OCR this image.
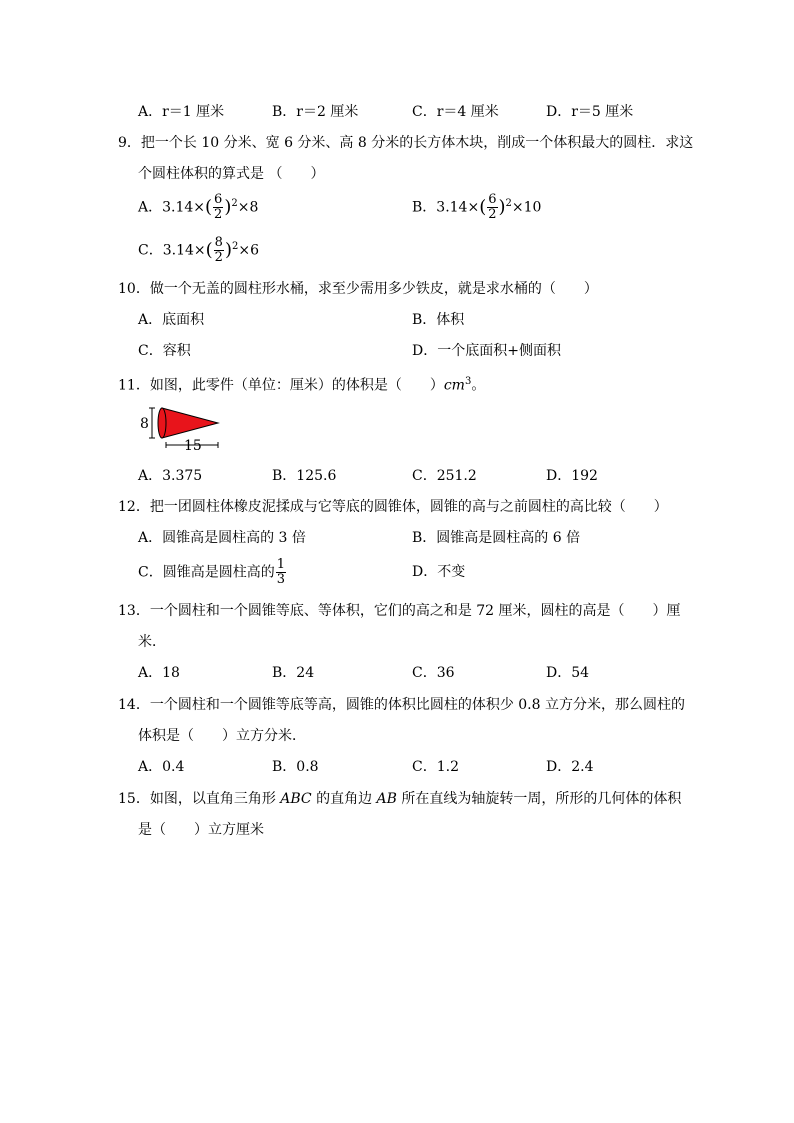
A．r＝1 厘米	B．r＝2 厘米	C．r＝4 厘米	D．r＝5 厘米
9．把一个长 10 分米、宽 6 分米、高 8 分米的长方体木块，削成一个体积最大的圆柱．求这
个圆柱体积的算式是 （　　）
A．$3.14\times( \frac{6}{2} )^2\times 8$	B．$3.14\times( \frac{6}{2} )^2\times 10$
C．$3.14\times( \frac{8}{2} )^2\times 6$
10．做一个无盖的圆柱形水桶，求至少需用多少铁皮，就是求水桶的（　　）
A．底面积	B．体积
C．容积	D．一个底面积+侧面积
11．如图，此零件（单位：厘米）的体积是（　　）$cm^3$。
8
15
A．3.375	B．125.6	C．251.2	D．192
12．把一团圆柱体橡皮泥揉成与它等底的圆锥体，圆锥的高与之前圆柱的高比较（　　）
A．圆锥高是圆柱高的 3 倍	B．圆锥高是圆柱高的 6 倍
C．圆锥高是圆柱高的 $\frac{1}{3}$	D．不变
13．一个圆柱和一个圆锥等底、等体积，它们的高之和是 72 厘米，圆柱的高是（　　）厘
米．
A．18	B．24	C．36	D．54
14．一个圆柱和一个圆锥等底等高，圆锥的体积比圆柱的体积少 0.8 立方分米，那么圆柱的
体积是（　　）立方分米．
A．0.4	B．0.8	C．1.2	D．2.4
15．如图，以直角三角形 ABC 的直角边 AB 所在直线为轴旋转一周，所形的几何体的体积
是（　　）立方厘米
